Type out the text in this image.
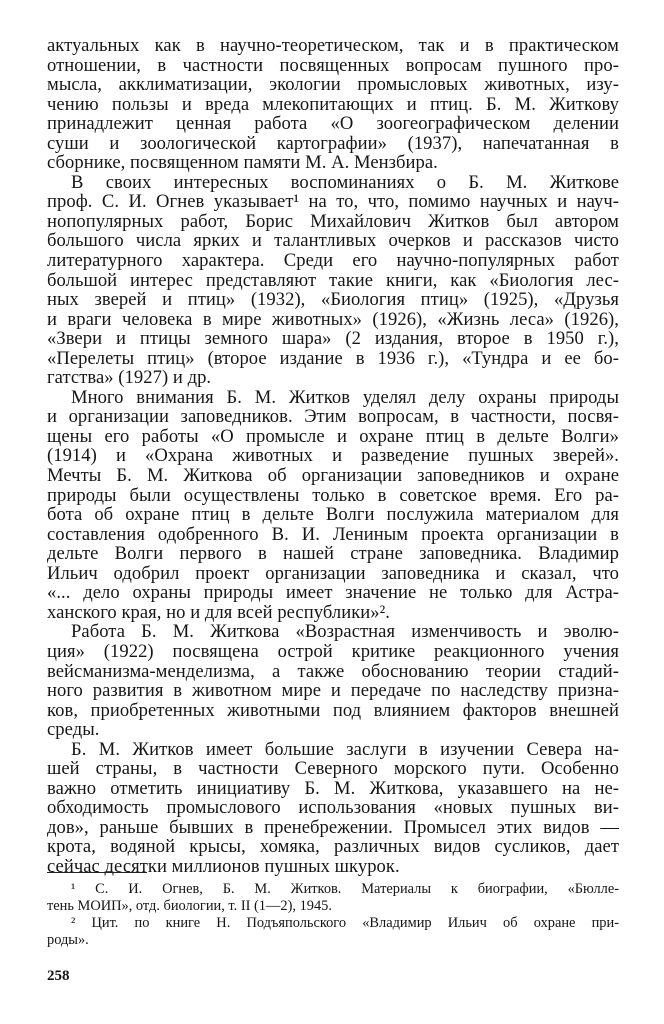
актуальных как в научно-теоретическом, так и в практическом
отношении, в частности посвященных вопросам пушного про-
мысла, акклиматизации, экологии промысловых животных, изу-
чению пользы и вреда млекопитающих и птиц. Б. М. Житкову
принадлежит ценная работа «О зоогеографическом делении
суши и зоологической картографии» (1937), напечатанная в
сборнике, посвященном памяти М. А. Мензбира.
В своих интересных воспоминаниях о Б. М. Житкове
проф. С. И. Огнев указывает¹ на то, что, помимо научных и науч-
нопопулярных работ, Борис Михайлович Житков был автором
большого числа ярких и талантливых очерков и рассказов чисто
литературного характера. Среди его научно-популярных работ
большой интерес представляют такие книги, как «Биология лес-
ных зверей и птиц» (1932), «Биология птиц» (1925), «Друзья
и враги человека в мире животных» (1926), «Жизнь леса» (1926),
«Звери и птицы земного шара» (2 издания, второе в 1950 г.),
«Перелеты птиц» (второе издание в 1936 г.), «Тундра и ее бо-
гатства» (1927) и др.
Много внимания Б. М. Житков уделял делу охраны природы
и организации заповедников. Этим вопросам, в частности, посвя-
щены его работы «О промысле и охране птиц в дельте Волги»
(1914) и «Охрана животных и разведение пушных зверей».
Мечты Б. М. Житкова об организации заповедников и охране
природы были осуществлены только в советское время. Его ра-
бота об охране птиц в дельте Волги послужила материалом для
составления одобренного В. И. Лениным проекта организации в
дельте Волги первого в нашей стране заповедника. Владимир
Ильич одобрил проект организации заповедника и сказал, что
«... дело охраны природы имеет значение не только для Астра-
ханского края, но и для всей республики»².
Работа Б. М. Житкова «Возрастная изменчивость и эволю-
ция» (1922) посвящена острой критике реакционного учения
вейсманизма-менделизма, а также обоснованию теории стадий-
ного развития в животном мире и передаче по наследству призна-
ков, приобретенных животными под влиянием факторов внешней
среды.
Б. М. Житков имеет большие заслуги в изучении Севера на-
шей страны, в частности Северного морского пути. Особенно
важно отметить инициативу Б. М. Житкова, указавшего на не-
обходимость промыслового использования «новых пушных ви-
дов», раньше бывших в пренебрежении. Промысел этих видов —
крота, водяной крысы, хомяка, различных видов сусликов, дает
сейчас десятки миллионов пушных шкурок.
¹ С. И. Огнев, Б. М. Житков. Материалы к биографии, «Бюлле-
тень МОИП», отд. биологии, т. II (1—2), 1945.
² Цит. по книге Н. Подъяпольского «Владимир Ильич об охране при-
роды».
258
